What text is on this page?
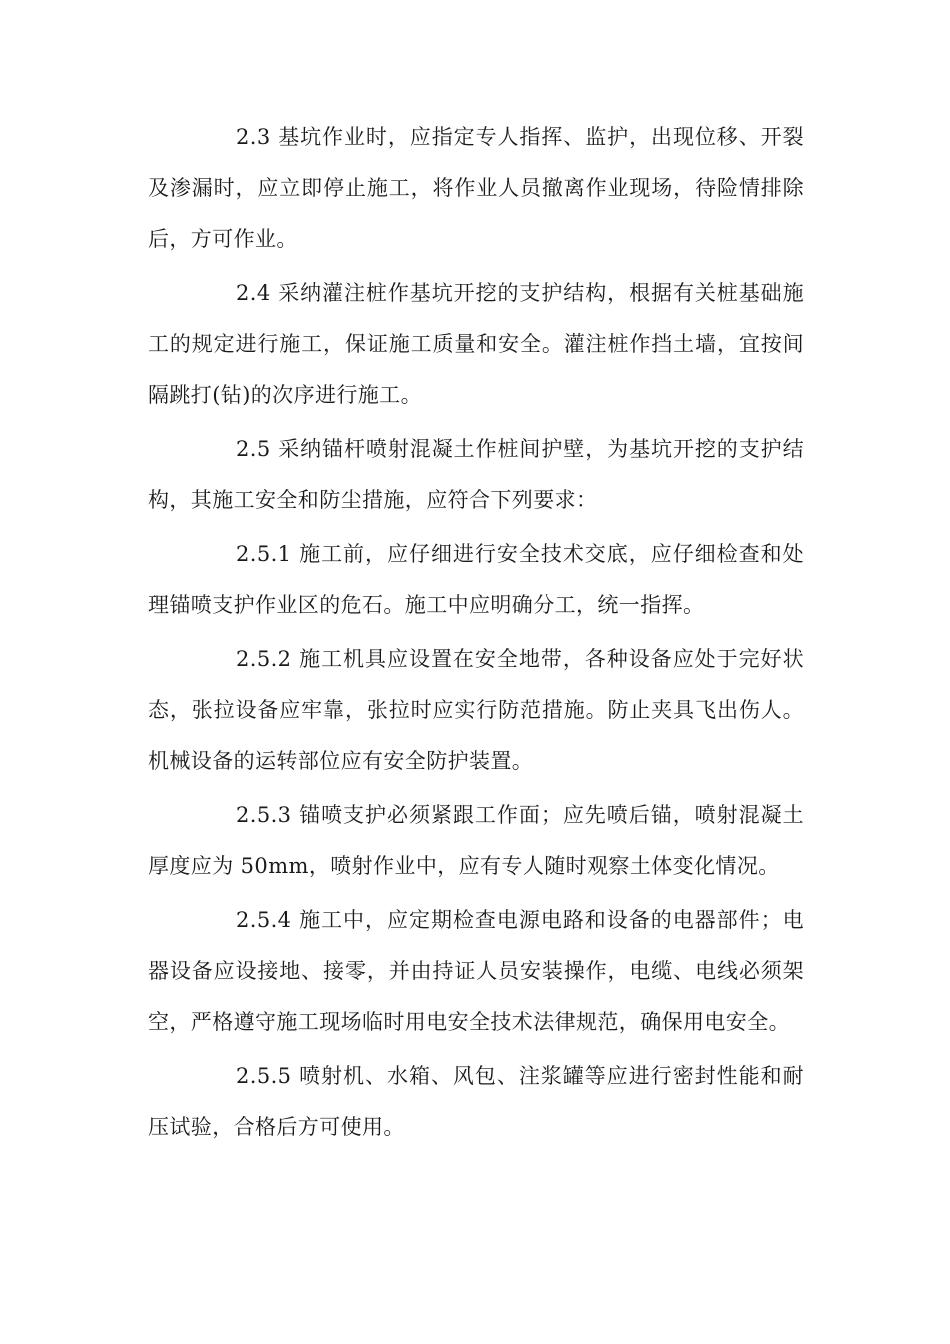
2.3 基坑作业时，应指定专人指挥、监护，出现位移、开裂及渗漏时，应立即停止施工，将作业人员撤离作业现场，待险情排除后，方可作业。

2.4 采纳灌注桩作基坑开挖的支护结构，根据有关桩基础施工的规定进行施工，保证施工质量和安全。灌注桩作挡土墙，宜按间隔跳打(钻)的次序进行施工。

2.5 采纳锚杆喷射混凝土作桩间护壁，为基坑开挖的支护结构，其施工安全和防尘措施，应符合下列要求：

2.5.1 施工前，应仔细进行安全技术交底，应仔细检查和处理锚喷支护作业区的危石。施工中应明确分工，统一指挥。

2.5.2 施工机具应设置在安全地带，各种设备应处于完好状态，张拉设备应牢靠，张拉时应实行防范措施。防止夹具飞出伤人。机械设备的运转部位应有安全防护装置。

2.5.3 锚喷支护必须紧跟工作面；应先喷后锚，喷射混凝土厚度应为 50mm，喷射作业中，应有专人随时观察土体变化情况。

2.5.4 施工中，应定期检查电源电路和设备的电器部件；电器设备应设接地、接零，并由持证人员安装操作，电缆、电线必须架空，严格遵守施工现场临时用电安全技术法律规范，确保用电安全。

2.5.5 喷射机、水箱、风包、注浆罐等应进行密封性能和耐压试验，合格后方可使用。
